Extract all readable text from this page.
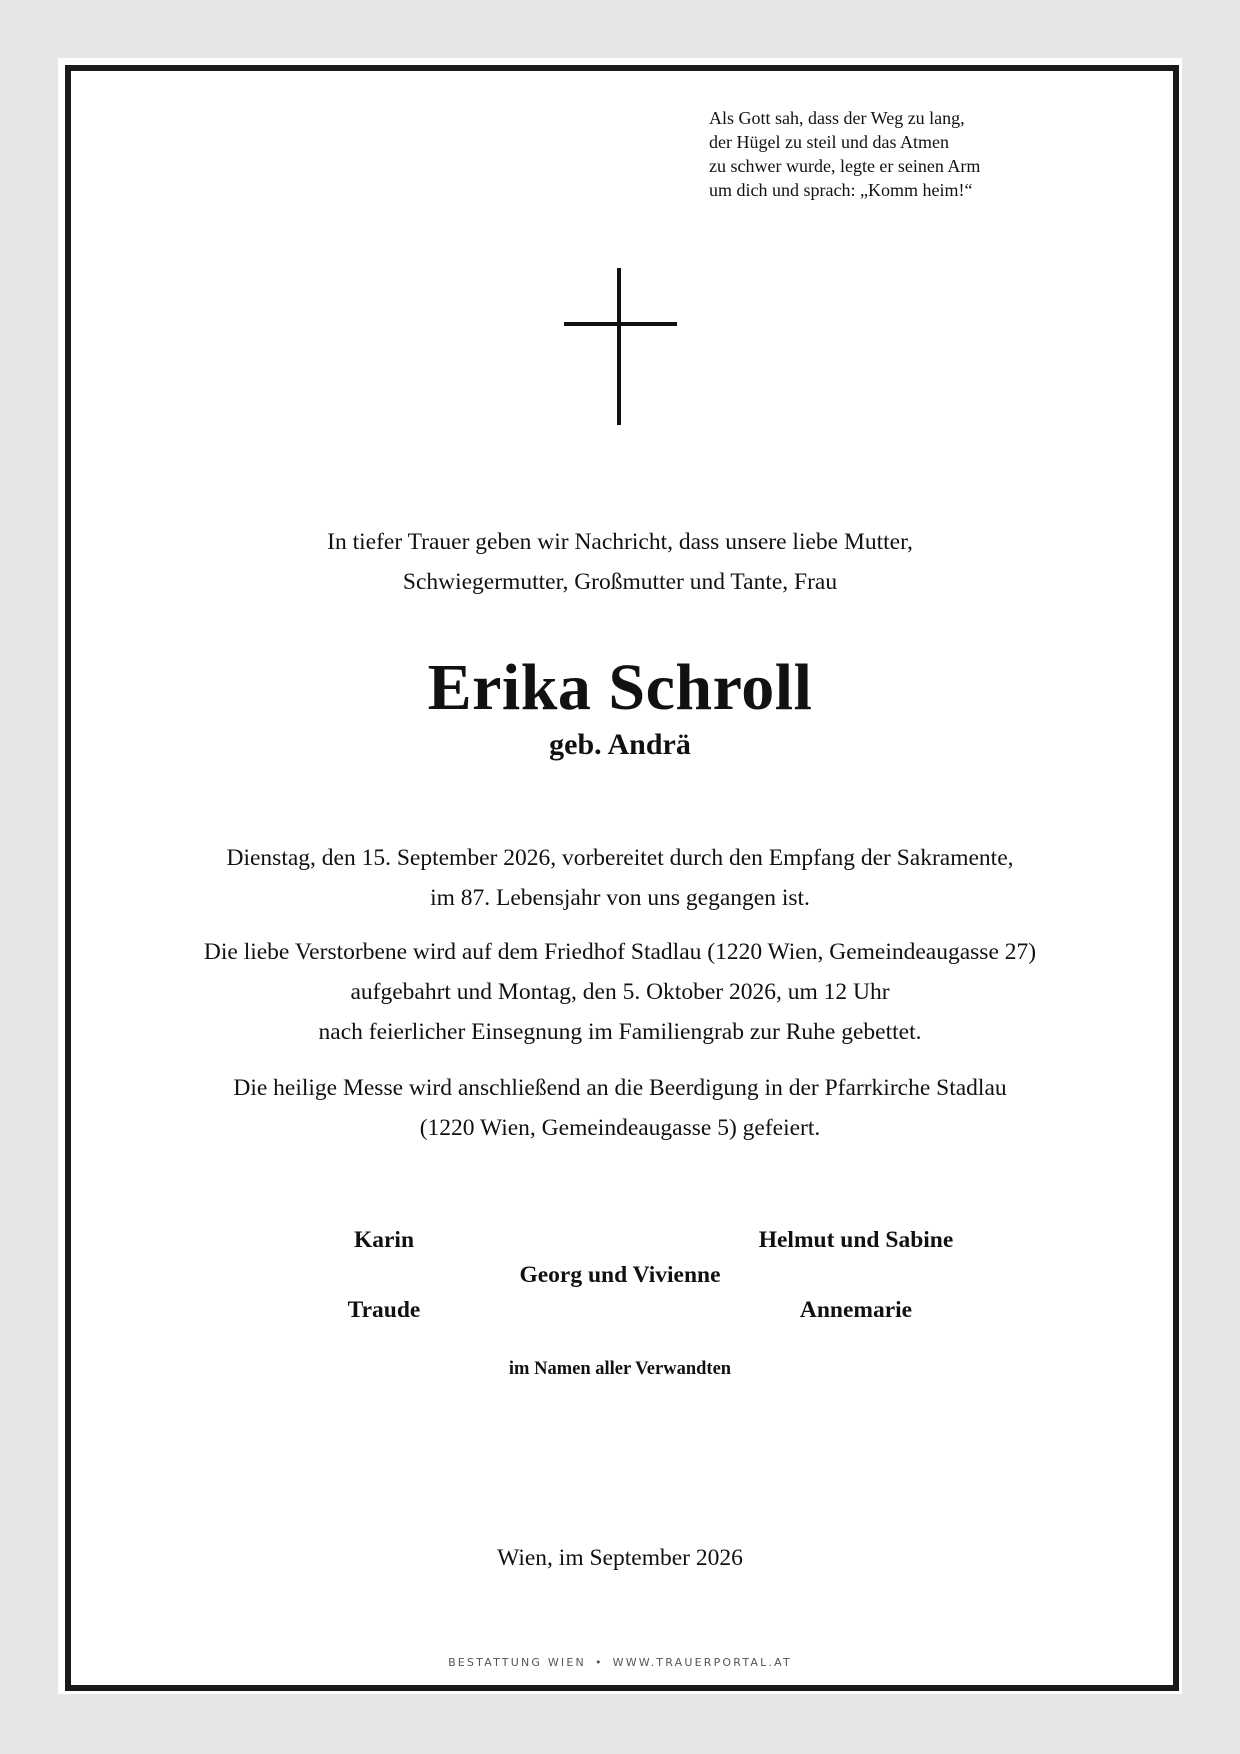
Als Gott sah, dass der Weg zu lang,
der Hügel zu steil und das Atmen
zu schwer wurde, legte er seinen Arm
um dich und sprach: „Komm heim!“
In tiefer Trauer geben wir Nachricht, dass unsere liebe Mutter,
Schwiegermutter, Großmutter und Tante, Frau
Erika Schroll
geb. Andrä
Dienstag, den 15. September 2026, vorbereitet durch den Empfang der Sakramente,
im 87. Lebensjahr von uns gegangen ist.
Die liebe Verstorbene wird auf dem Friedhof Stadlau (1220 Wien, Gemeindeaugasse 27)
aufgebahrt und Montag, den 5. Oktober 2026, um 12 Uhr
nach feierlicher Einsegnung im Familiengrab zur Ruhe gebettet.
Die heilige Messe wird anschließend an die Beerdigung in der Pfarrkirche Stadlau
(1220 Wien, Gemeindeaugasse 5) gefeiert.
Karin	Helmut und Sabine
Georg und Vivienne
Traude	Annemarie
im Namen aller Verwandten
Wien, im September 2026
BESTATTUNG WIEN • WWW.TRAUERPORTAL.AT
